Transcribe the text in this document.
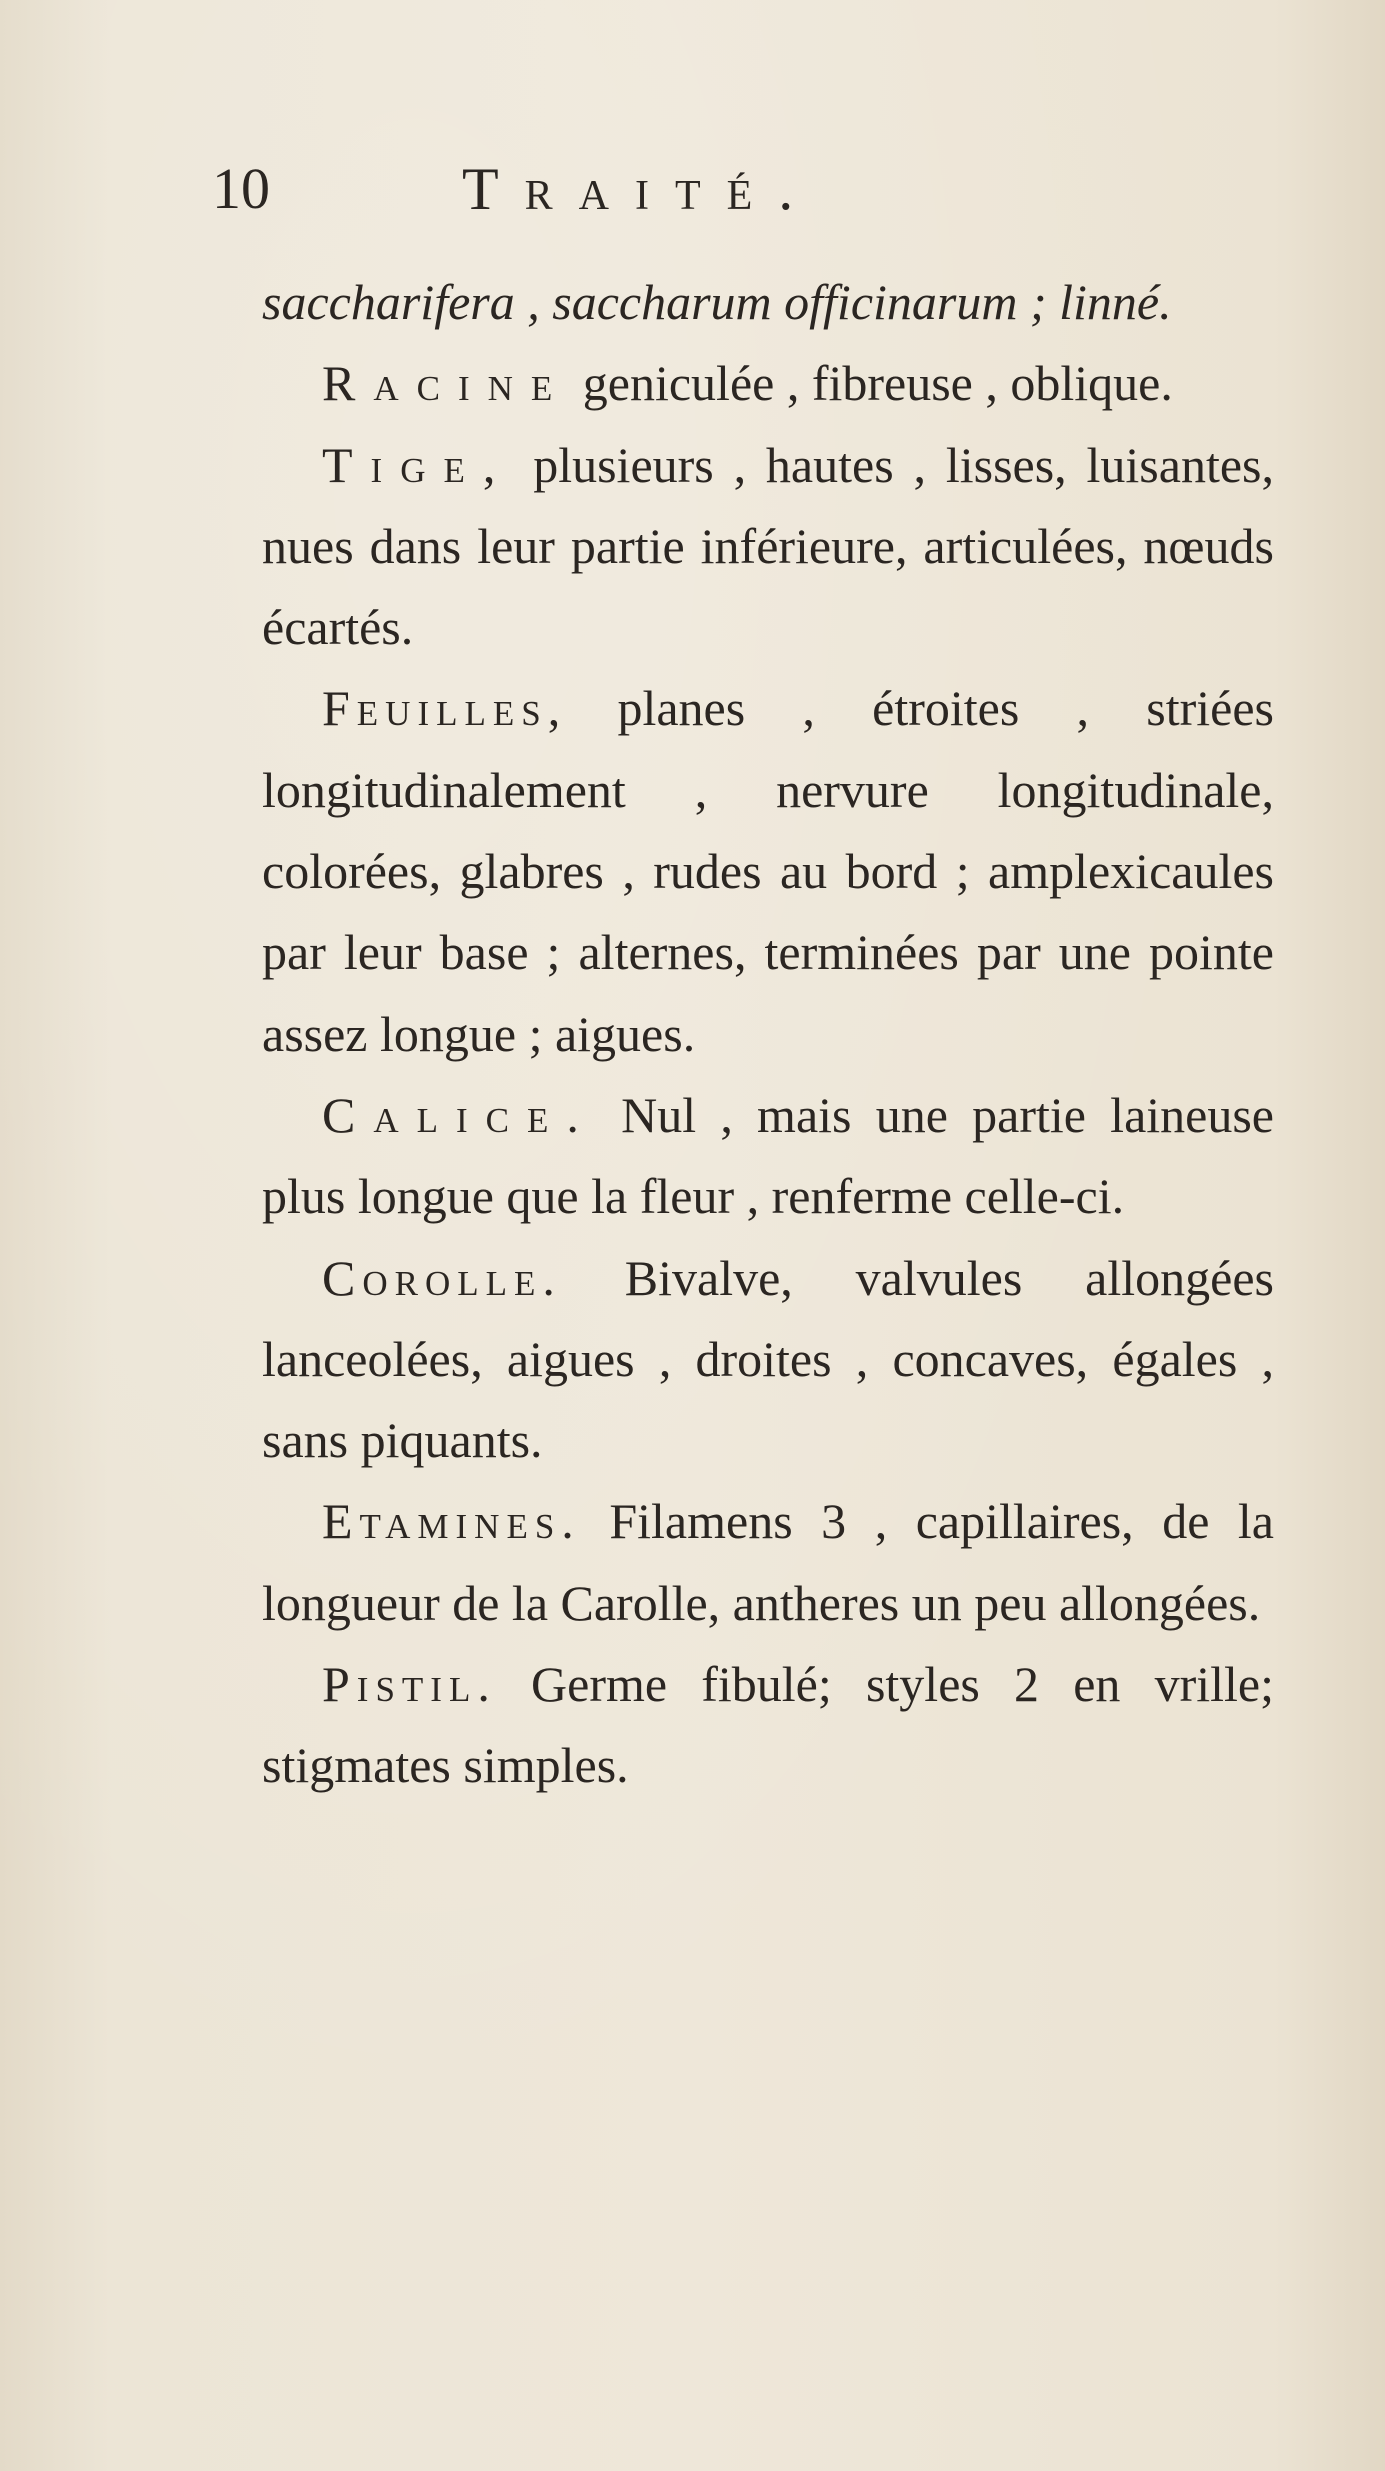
10	Traité.

saccharifera , saccharum officinarum ; linné.

Racine geniculée , fibreuse , oblique.

Tige, plusieurs , hautes , lisses, luisantes, nues dans leur partie inférieure, articulées, nœuds écartés.

Feuilles, planes , étroites , striées longitudinalement , nervure longitudinale, colorées, glabres , rudes au bord ; amplexicaules par leur base ; alternes, terminées par une pointe assez longue ; aigues.

Calice. Nul , mais une partie laineuse plus longue que la fleur , renferme celle-ci.

Corolle. Bivalve, valvules allongées lanceolées, aigues , droites , concaves, égales , sans piquants.

Etamines. Filamens 3 , capillaires, de la longueur de la Carolle, antheres un peu allongées.

Pistil. Germe fibulé; styles 2 en vrille; stigmates simples.
